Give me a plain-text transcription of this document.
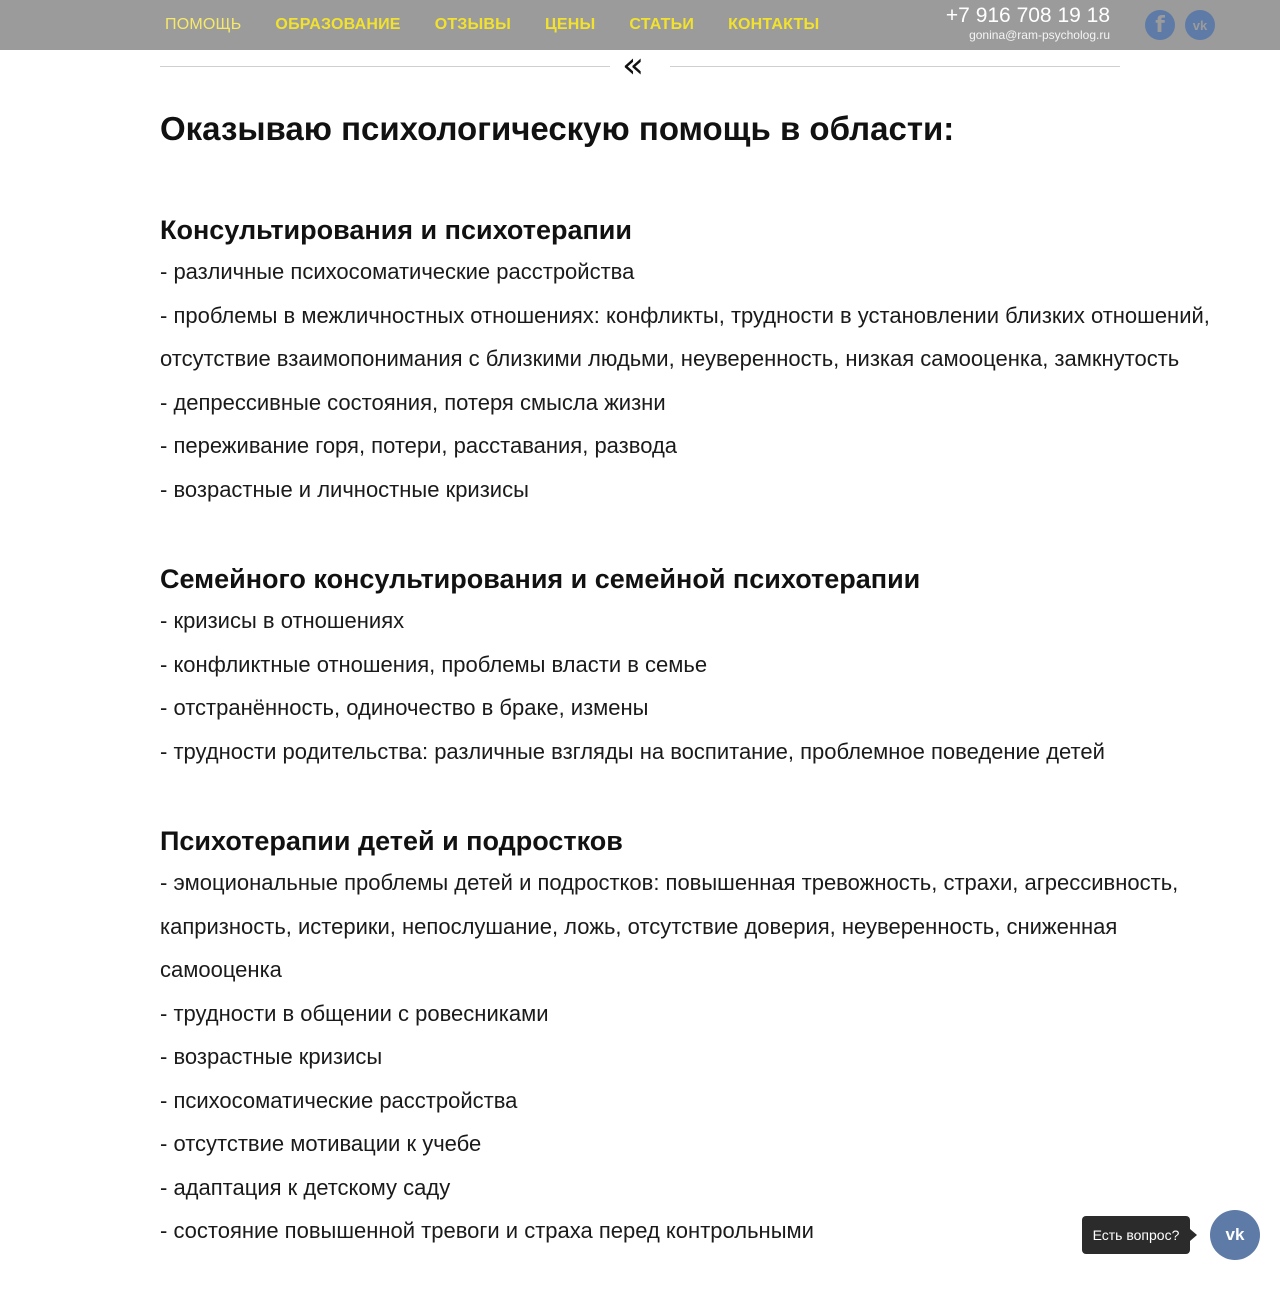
ПОМОЩЬ ОБРАЗОВАНИЕ ОТЗЫВЫ ЦЕНЫ СТАТЬИ КОНТАКТЫ	+7 916 708 19 18
gonina@ram-psycholog.ru	f	vk
«
Оказываю психологическую помощь в области:
Консультирования и психотерапии
- различные психосоматические расстройства
- проблемы в межличностных отношениях: конфликты, трудности в установлении близких отношений, отсутствие взаимопонимания с близкими людьми, неуверенность, низкая самооценка, замкнутость
- депрессивные состояния, потеря смысла жизни
- переживание горя, потери, расставания, развода
- возрастные и личностные кризисы
Семейного консультирования и семейной психотерапии
- кризисы в отношениях
- конфликтные отношения, проблемы власти в семье
- отстранённость, одиночество в браке, измены
- трудности родительства: различные взгляды на воспитание, проблемное поведение детей
Психотерапии детей и подростков
- эмоциональные проблемы детей и подростков: повышенная тревожность, страхи, агрессивность, капризность, истерики, непослушание, ложь, отсутствие доверия, неуверенность, сниженная самооценка
- трудности в общении с ровесниками
- возрастные кризисы
- психосоматические расстройства
- отсутствие мотивации к учебе
- адаптация к детскому саду
- состояние повышенной тревоги и страха перед контрольными	Есть вопрос?	vk
